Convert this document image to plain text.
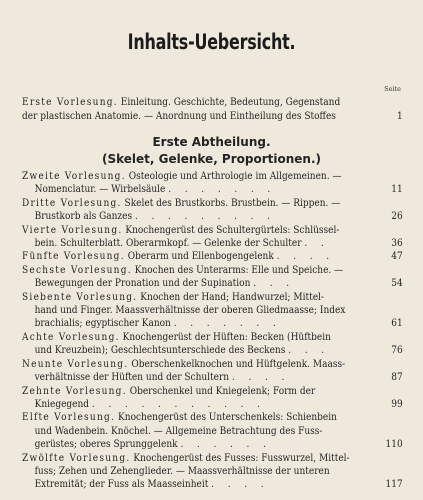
Inhalts-Uebersicht.
Seite
Erste Vorlesung. Einleitung. Geschichte, Bedeutung, Gegenstand
der plastischen Anatomie. — Anordnung und Eintheilung des Stoffes	1
Erste Abtheilung.
(Skelet, Gelenke, Proportionen.)
Zweite Vorlesung. Osteologie und Arthrologie im Allgemeinen. —
Nomenclatur. — Wirbelsäule . . . . . . .	11
Dritte Vorlesung. Skelet des Brustkorbs. Brustbein. — Rippen. —
Brustkorb als Ganzes . . . . . . . . .	26
Vierte Vorlesung. Knochengerüst des Schultergürtels: Schlüssel-
bein. Schulterblatt. Oberarmkopf. — Gelenke der Schulter . .	36
Fünfte Vorlesung. Oberarm und Ellenbogengelenk . . . .	47
Sechste Vorlesung. Knochen des Unterarms: Elle und Speiche. —
Bewegungen der Pronation und der Supination . . .	54
Siebente Vorlesung. Knochen der Hand; Handwurzel; Mittel-
hand und Finger. Maassverhältnisse der oberen Gliedmaasse; Index
brachialis; egyptischer Kanon . . . . . . .	61
Achte Vorlesung. Knochengerüst der Hüften: Becken (Hüftbein
und Kreuzbein); Geschlechtsunterschiede des Beckens . . .	76
Neunte Vorlesung. Oberschenkelknochen und Hüftgelenk. Maass-
verhältnisse der Hüften und der Schultern . . . .	87
Zehnte Vorlesung. Oberschenkel und Kniegelenk; Form der
Kniegegend . . . . . . . . . . .	99
Elfte Vorlesung. Knochengerüst des Unterschenkels: Schienbein
und Wadenbein. Knöchel. — Allgemeine Betrachtung des Fuss-
gerüstes; oberes Sprunggelenk . . . . . .	110
Zwölfte Vorlesung. Knochengerüst des Fusses: Fusswurzel, Mittel-
fuss; Zehen und Zehenglieder. — Maassverhältnisse der unteren
Extremität; der Fuss als Maasseinheit . . . .	117
